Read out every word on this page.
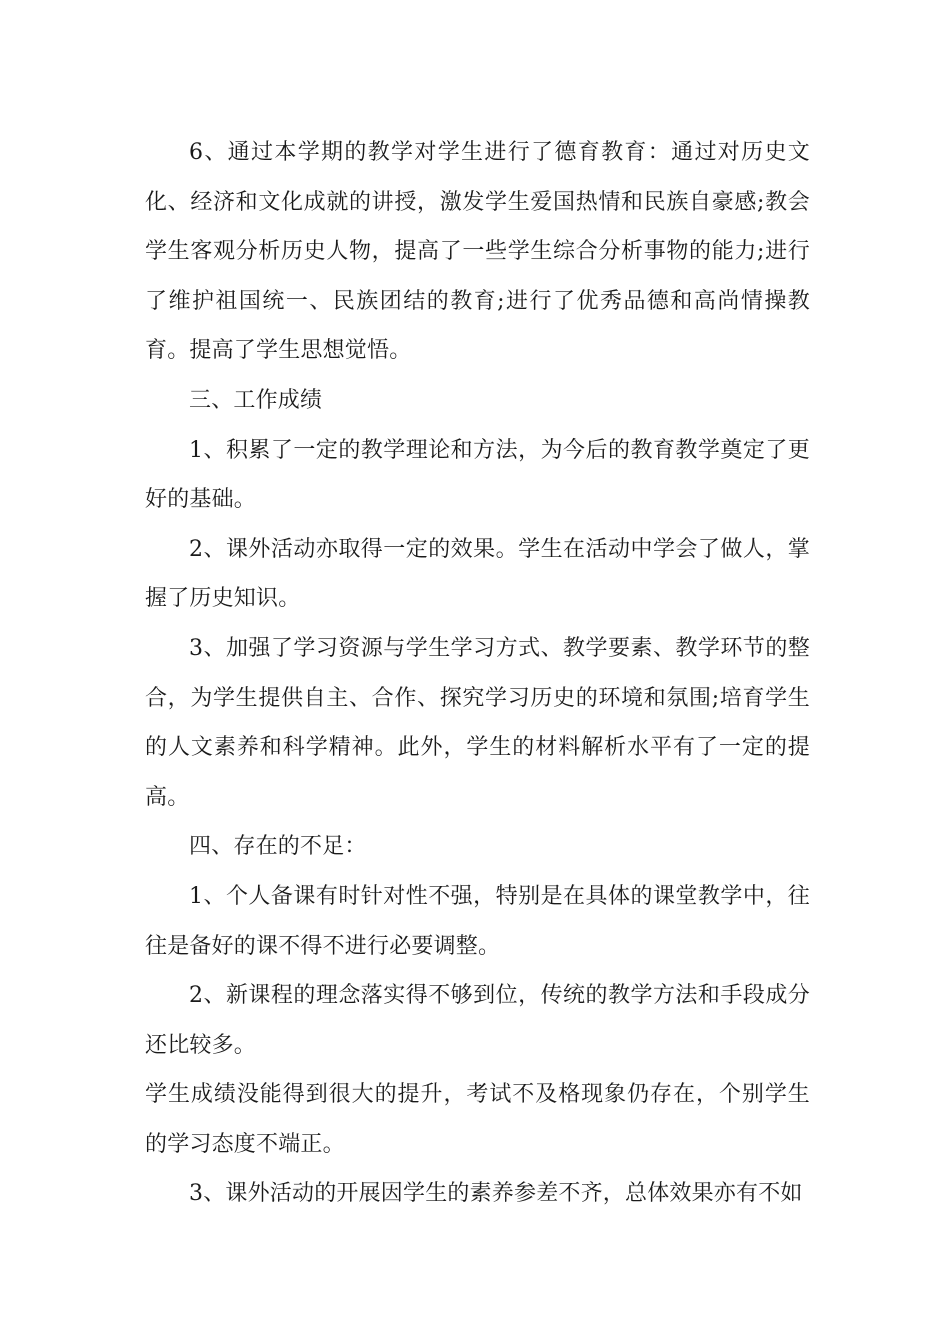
6、通过本学期的教学对学生进行了德育教育：通过对历史文化、经济和文化成就的讲授，激发学生爱国热情和民族自豪感;教会学生客观分析历史人物，提高了一些学生综合分析事物的能力;进行了维护祖国统一、民族团结的教育;进行了优秀品德和高尚情操教育。提高了学生思想觉悟。

三、工作成绩

1、积累了一定的教学理论和方法，为今后的教育教学奠定了更好的基础。

2、课外活动亦取得一定的效果。学生在活动中学会了做人，掌握了历史知识。

3、加强了学习资源与学生学习方式、教学要素、教学环节的整合，为学生提供自主、合作、探究学习历史的环境和氛围;培育学生的人文素养和科学精神。此外，学生的材料解析水平有了一定的提高。

四、存在的不足：

1、个人备课有时针对性不强，特别是在具体的课堂教学中，往往是备好的课不得不进行必要调整。

2、新课程的理念落实得不够到位，传统的教学方法和手段成分还比较多。

学生成绩没能得到很大的提升，考试不及格现象仍存在，个别学生的学习态度不端正。

3、课外活动的开展因学生的素养参差不齐，总体效果亦有不如
